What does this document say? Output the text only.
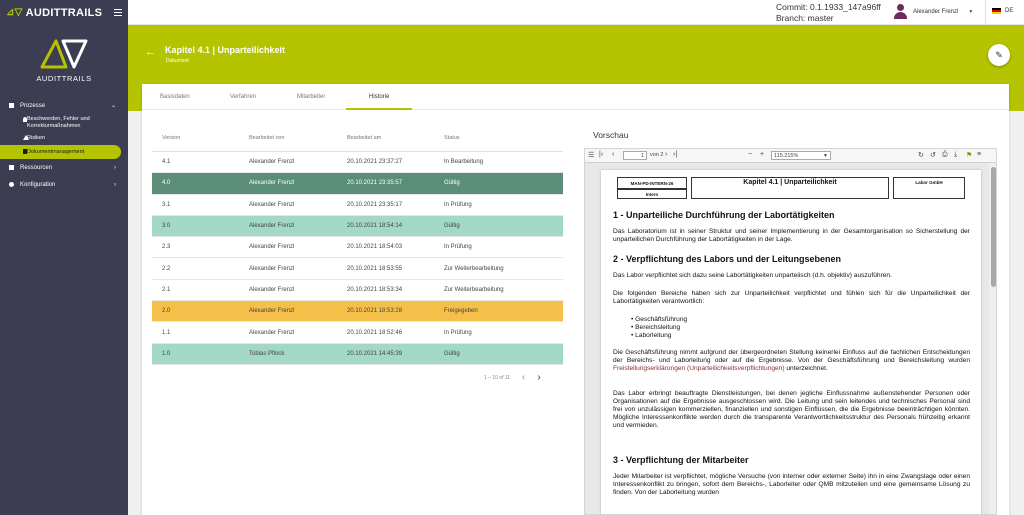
⊿▽ AUDITTRAILS
AUDITTRAILS
Prozesse	⌄
Beschwerden, Fehler und Korrekturmaßnahmen
Risiken
Dokumentmanagement
Ressourcen	›
Konfiguration	›
Commit: 0.1.1933_147a96ff
Branch: master
Alexander Frenzl ▼	DE
← Kapitel 4.1 | Unparteilichkeit
Dokument
✎
Basisdaten	Verfahren	Mitarbeiter	Historie
Version	Bearbeitet von	Bearbeitet am	Status
4.1	Alexander Frenzl	20.10.2021 23:37:27	In Bearbeitung
4.0	Alexander Frenzl	20.10.2021 23:35:57	Gültig
3.1	Alexander Frenzl	20.10.2021 23:35:17	In Prüfung
3.0	Alexander Frenzl	20.10.2021 18:54:14	Gültig
2.3	Alexander Frenzl	20.10.2021 18:54:03	In Prüfung
2.2	Alexander Frenzl	20.10.2021 18:53:55	Zur Weiterbearbeitung
2.1	Alexander Frenzl	20.10.2021 18:53:34	Zur Weiterbearbeitung
2.0	Alexander Frenzl	20.10.2021 18:53:28	Freigegeben
1.1	Alexander Frenzl	20.10.2021 18:52:46	In Prüfung
1.0	Tobias Pflock	20.10.2021 14:45:39	Gültig
1 – 10 of 11 ‹ ›
Vorschau
☰ |‹ ‹	1	von 2 › ›|	− +	115.215%	▼	↻ ↺ ⎙ ⤓ ⚑ ≡
MAN-PD-INTERN-26
Intern
Kapitel 4.1 | Unparteilichkeit	Labor GmbH
1 - Unparteiliche Durchführung der Labortätigkeiten
Das Laboratorium ist in seiner Struktur und seiner Implementierung in der Gesamtorganisation so Sicherstellung der unparteilichen Durchführung der Labortätigkeiten in der Lage.
2 - Verpflichtung des Labors und der Leitungsebenen
Das Labor verpflichtet sich dazu seine Labortätigkeiten unparteiisch (d.h. objektiv) auszuführen.
Die folgenden Bereiche haben sich zur Unparteilichkeit verpflichtet und fühlen sich für die Unparteilichkeit der Labortätigkeiten verantwortlich:
• Geschäftsführung
• Bereichsleitung
• Laborleitung
Die Geschäftsführung nimmt aufgrund der übergeordneten Stellung keinerlei Einfluss auf die fachlichen Entscheidungen der Bereichs- und Laborleitung oder auf die Ergebnisse. Von der Geschäftsführung und Bereichsleitung wurden Freistellungserklärungen (Unparteilichkeitsverpflichtungen) unterzeichnet.
Das Labor erbringt beauftragte Dienstleistungen, bei denen jegliche Einflussnahme außenstehender Personen oder Organisationen auf die Ergebnisse ausgeschlossen wird. Die Leitung und sein leitendes und technisches Personal sind frei von unzulässigen kommerziellen, finanziellen und sonstigen Einflüssen, die die Ergebnisse beeinträchtigen könnten. Mögliche Interessenkonflikte werden durch die transparente Verantwortlichkeitsstruktur des Personals frühzeitig erkannt und vermieden.
3 - Verpflichtung der Mitarbeiter
Jeder Mitarbeiter ist verpflichtet, mögliche Versuche (von interner oder externer Seite) ihn in eine Zwangslage oder einen Interessenkonflikt zu bringen, sofort dem Bereichs-, Laborleiter oder QMB mitzuteilen und eine gemeinsame Lösung zu finden. Von der Laborleitung wurden
